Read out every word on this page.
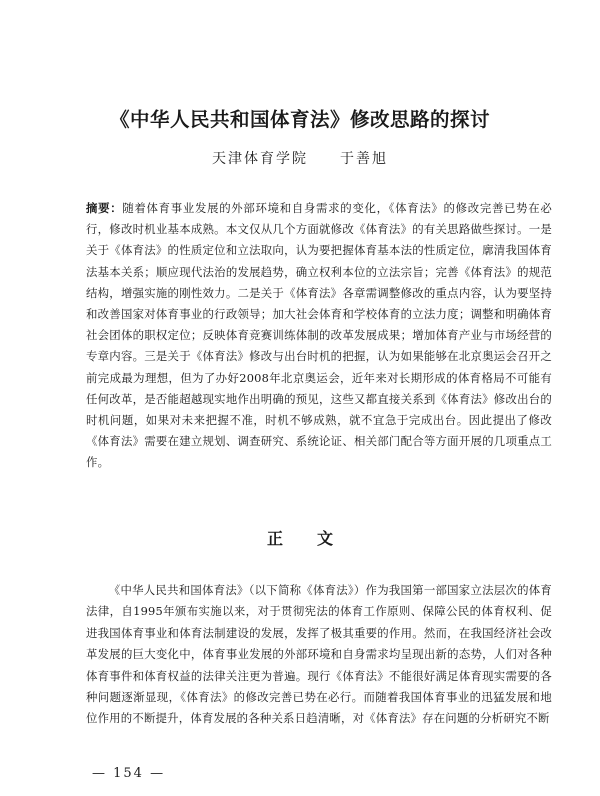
《中华人民共和国体育法》修改思路的探讨
天津体育学院 于善旭

摘要：随着体育事业发展的外部环境和自身需求的变化，《体育法》的修改完善已势在必行，修改时机业基本成熟。本文仅从几个方面就修改《体育法》的有关思路做些探讨。一是关于《体育法》的性质定位和立法取向，认为要把握体育基本法的性质定位，廓清我国体育法基本关系；顺应现代法治的发展趋势，确立权利本位的立法宗旨；完善《体育法》的规范结构，增强实施的刚性效力。二是关于《体育法》各章需调整修改的重点内容，认为要坚持和改善国家对体育事业的行政领导；加大社会体育和学校体育的立法力度；调整和明确体育社会团体的职权定位；反映体育竞赛训练体制的改革发展成果；增加体育产业与市场经营的专章内容。三是关于《体育法》修改与出台时机的把握，认为如果能够在北京奥运会召开之前完成最为理想，但为了办好2008年北京奥运会，近年来对长期形成的体育格局不可能有任何改革，是否能超越现实地作出明确的预见，这些又都直接关系到《体育法》修改出台的时机问题，如果对未来把握不准，时机不够成熟，就不宜急于完成出台。因此提出了修改《体育法》需要在建立规划、调查研究、系统论证、相关部门配合等方面开展的几项重点工作。

正文

《中华人民共和国体育法》（以下简称《体育法》）作为我国第一部国家立法层次的体育法律，自1995年颁布实施以来，对于贯彻宪法的体育工作原则、保障公民的体育权利、促进我国体育事业和体育法制建设的发展，发挥了极其重要的作用。然而，在我国经济社会改革发展的巨大变化中，体育事业发展的外部环境和自身需求均呈现出新的态势，人们对各种体育事件和体育权益的法律关注更为普遍。现行《体育法》不能很好满足体育现实需要的各种问题逐渐显现，《体育法》的修改完善已势在必行。而随着我国体育事业的迅猛发展和地位作用的不断提升，体育发展的各种关系日趋清晰，对《体育法》存在问题的分析研究不断

— 154 —
